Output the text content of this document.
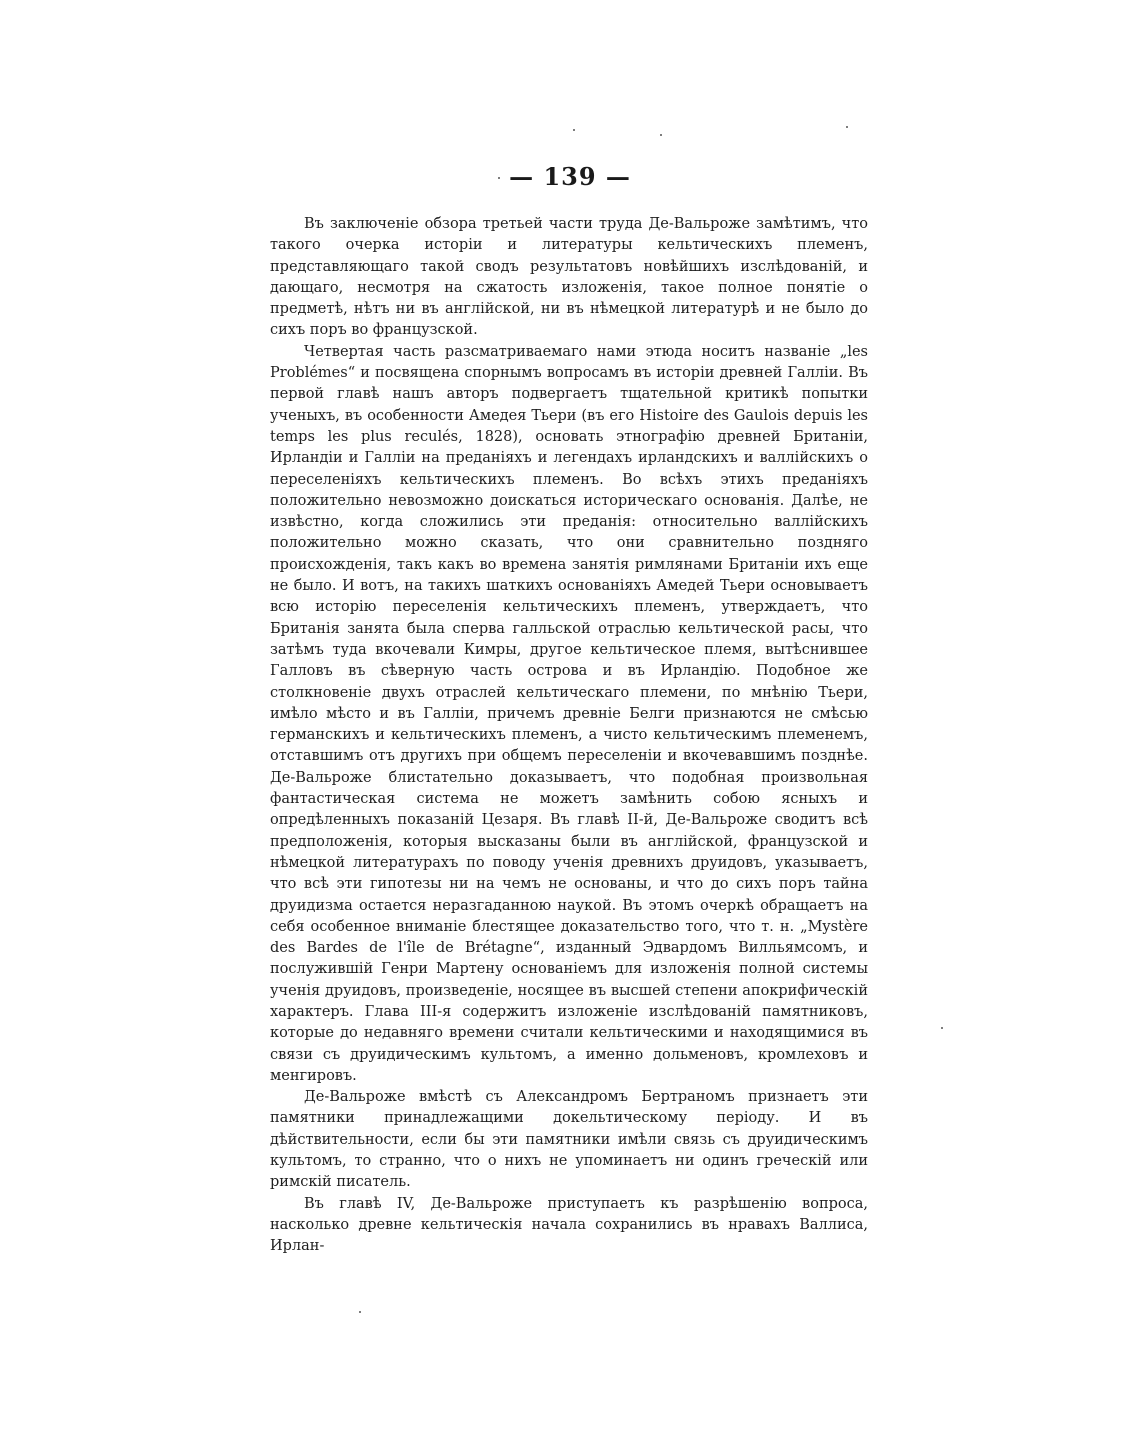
— 139 —

Въ заключеніе обзора третьей части труда Де-Вальроже замѣтимъ, что такого очерка исторіи и литературы кельтическихъ племенъ, представляющаго такой сводъ результатовъ новѣйшихъ изслѣдованій, и дающаго, несмотря на сжатость изложенія, такое полное понятіе о предметѣ, нѣтъ ни въ англійской, ни въ нѣмецкой литературѣ и не было до сихъ поръ во французской.

Четвертая часть разсматриваемаго нами этюда носитъ названіе „les Problémes“ и посвящена спорнымъ вопросамъ въ исторіи древней Галліи. Въ первой главѣ нашъ авторъ подвергаетъ тщательной критикѣ попытки ученыхъ, въ особенности Амедея Тьери (въ его Histoire des Gaulois depuis les temps les plus reculés, 1828), основать этнографію древней Британіи, Ирландіи и Галліи на преданіяхъ и легендахъ ирландскихъ и валлійскихъ о переселеніяхъ кельтическихъ племенъ. Во всѣхъ этихъ преданіяхъ положительно невозможно доискаться историческаго основанія. Далѣе, не извѣстно, когда сложились эти преданія: относительно валлійскихъ положительно можно сказать, что они сравнительно поздняго происхожденія, такъ какъ во времена занятія римлянами Британіи ихъ еще не было. И вотъ, на такихъ шаткихъ основаніяхъ Амедей Тьери основываетъ всю исторію переселенія кельтическихъ племенъ, утверждаетъ, что Британія занята была сперва галльской отраслью кельтической расы, что затѣмъ туда вкочевали Кимры, другое кельтическое племя, вытѣснившее Галловъ въ сѣверную часть острова и въ Ирландію. Подобное же столкновеніе двухъ отраслей кельтическаго племени, по мнѣнію Тьери, имѣло мѣсто и въ Галліи, причемъ древніе Белги признаются не смѣсью германскихъ и кельтическихъ племенъ, а чисто кельтическимъ племенемъ, отставшимъ отъ другихъ при общемъ переселеніи и вкочевавшимъ позднѣе. Де-Вальроже блистательно доказываетъ, что подобная произвольная фантастическая система не можетъ замѣнить собою ясныхъ и опредѣленныхъ показаній Цезаря. Въ главѣ II-й, Де-Вальроже сводитъ всѣ предположенія, которыя высказаны были въ англійской, французской и нѣмецкой литературахъ по поводу ученія древнихъ друидовъ, указываетъ, что всѣ эти гипотезы ни на чемъ не основаны, и что до сихъ поръ тайна друидизма остается неразгаданною наукой. Въ этомъ очеркѣ обращаетъ на себя особенное вниманіе блестящее доказательство того, что т. н. „Mystère des Bardes de l'île de Brétagne“, изданный Эдвардомъ Вилльямсомъ, и послужившій Генри Мартену основаніемъ для изложенія полной системы ученія друидовъ, произведеніе, носящее въ высшей степени апокрифическій характеръ. Глава III-я содержитъ изложеніе изслѣдованій памятниковъ, которые до недавняго времени считали кельтическими и находящимися въ связи съ друидическимъ культомъ, а именно дольменовъ, кромлеховъ и менгировъ.

Де-Вальроже вмѣстѣ съ Александромъ Бертраномъ признаетъ эти памятники принадлежащими докельтическому періоду. И въ дѣйствительности, если бы эти памятники имѣли связь съ друидическимъ культомъ, то странно, что о нихъ не упоминаетъ ни одинъ греческій или римскій писатель.

Въ главѣ IV, Де-Вальроже приступаетъ къ разрѣшенію вопроса, насколько древне кельтическія начала сохранились въ нравахъ Валлиса, Ирлан-
